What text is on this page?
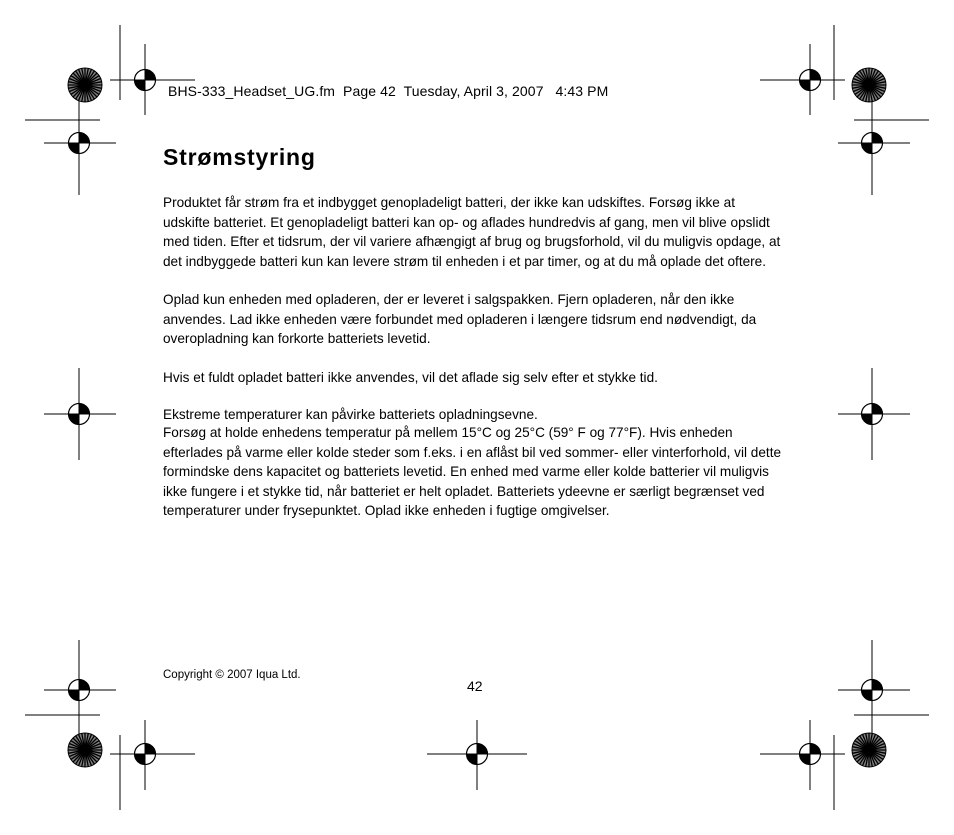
BHS-333_Headset_UG.fm  Page 42  Tuesday, April 3, 2007   4:43 PM
Strømstyring

Produktet får strøm fra et indbygget genopladeligt batteri, der ikke kan udskiftes. Forsøg ikke at udskifte batteriet. Et genopladeligt batteri kan op- og aflades hundredvis af gang, men vil blive opslidt med tiden. Efter et tidsrum, der vil variere afhængigt af brug og brugsforhold, vil du muligvis opdage, at det indbyggede batteri kun kan levere strøm til enheden i et par timer, og at du må oplade det oftere.

Oplad kun enheden med opladeren, der er leveret i salgspakken. Fjern opladeren, når den ikke anvendes. Lad ikke enheden være forbundet med opladeren i længere tidsrum end nødvendigt, da overopladning kan forkorte batteriets levetid.

Hvis et fuldt opladet batteri ikke anvendes, vil det aflade sig selv efter et stykke tid.

Ekstreme temperaturer kan påvirke batteriets opladningsevne.

Forsøg at holde enhedens temperatur på mellem 15°C og 25°C (59° F og 77°F). Hvis enheden efterlades på varme eller kolde steder som f.eks. i en aflåst bil ved sommer- eller vinterforhold, vil dette formindske dens kapacitet og batteriets levetid. En enhed med varme eller kolde batterier vil muligvis ikke fungere i et stykke tid, når batteriet er helt opladet. Batteriets ydeevne er særligt begrænset ved temperaturer under frysepunktet. Oplad ikke enheden i fugtige omgivelser.

Copyright © 2007 Iqua Ltd.
42
